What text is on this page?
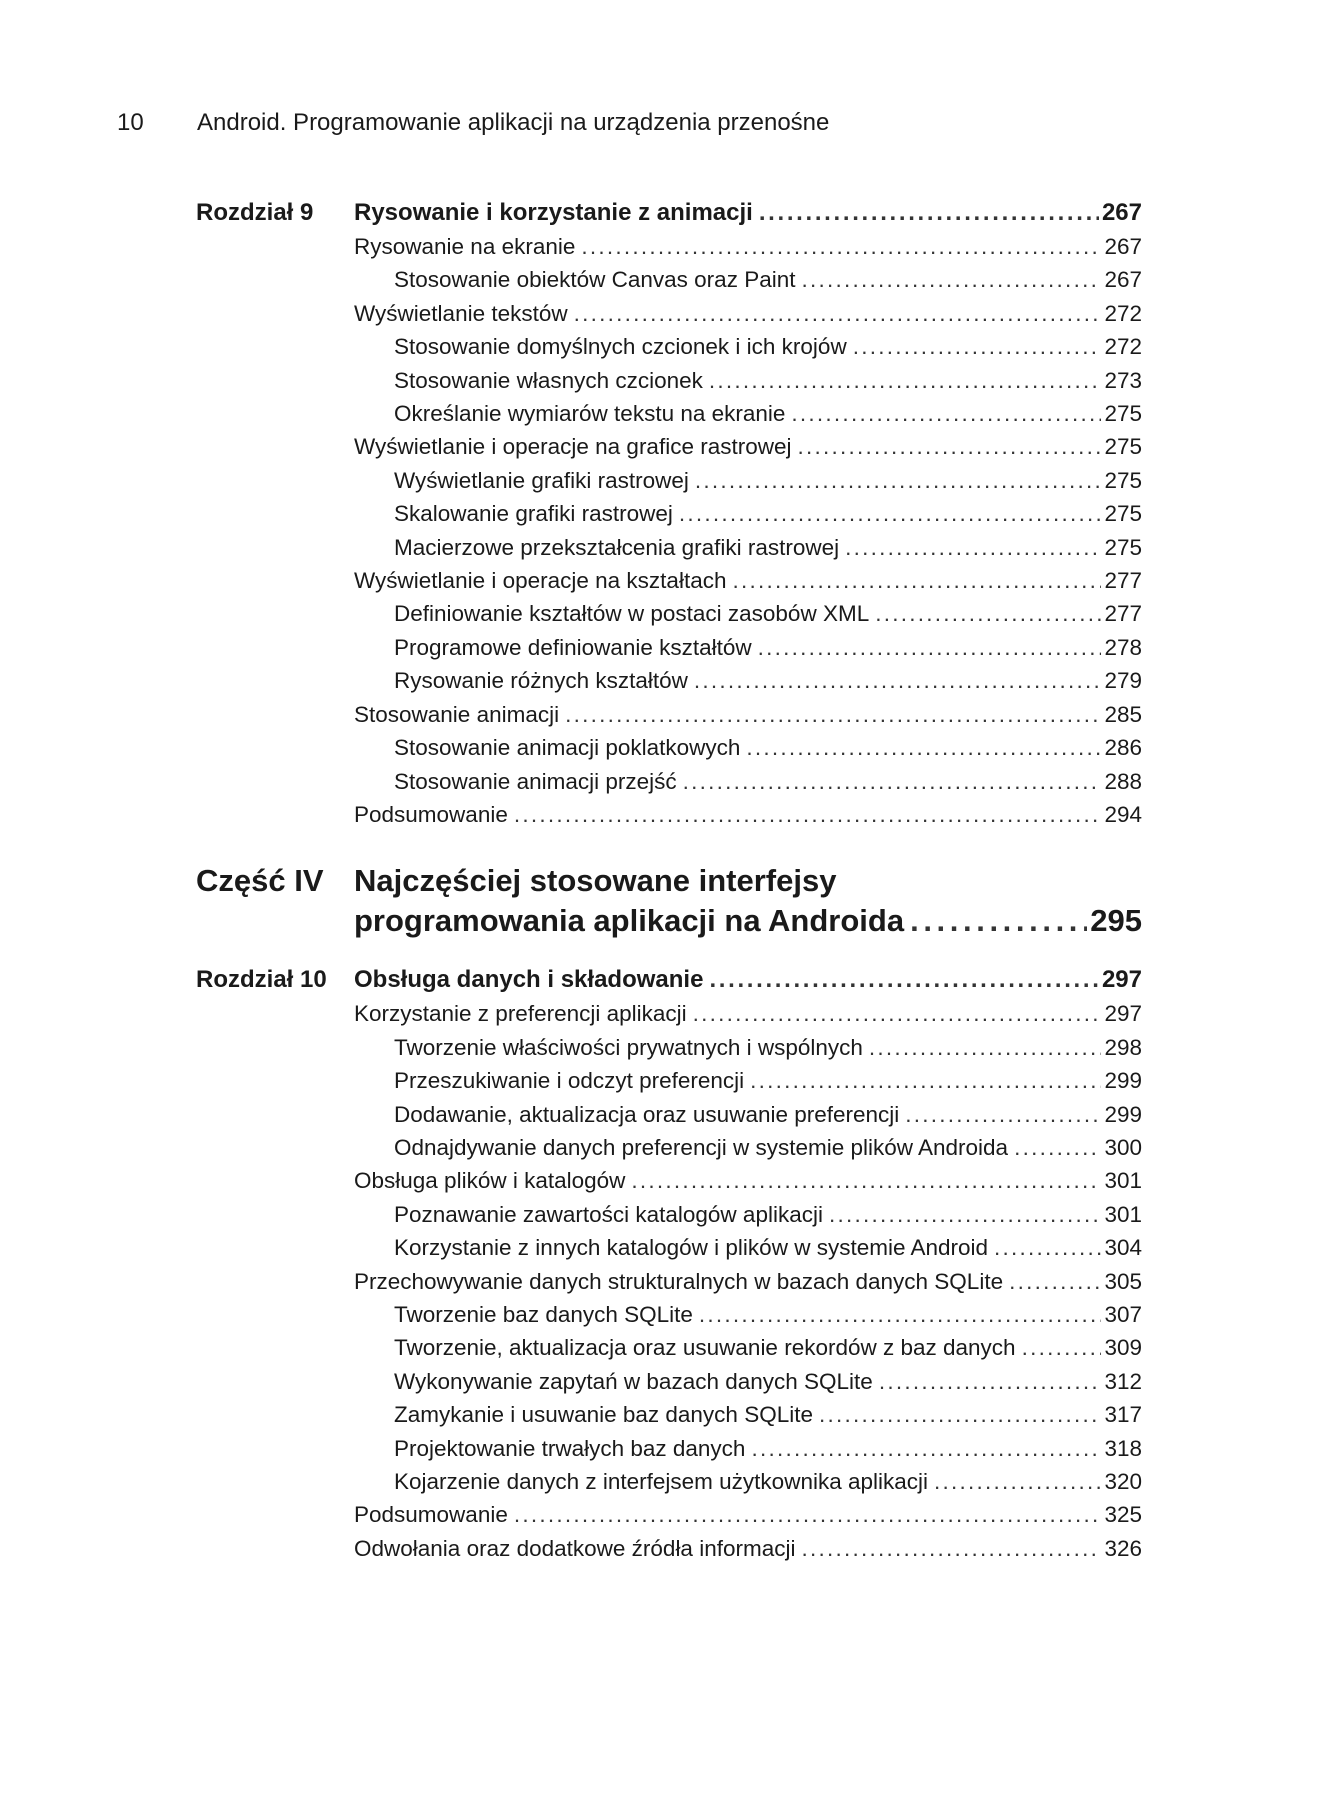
10 Android. Programowanie aplikacji na urządzenia przenośne
Rozdział 9	Rysowanie i korzystanie z animacji . . .	267
Rysowanie na ekranie . . .	267
Stosowanie obiektów Canvas oraz Paint . . .	267
Wyświetlanie tekstów . . .	272
Stosowanie domyślnych czcionek i ich krojów . . .	272
Stosowanie własnych czcionek . . .	273
Określanie wymiarów tekstu na ekranie . . .	275
Wyświetlanie i operacje na grafice rastrowej . . .	275
Wyświetlanie grafiki rastrowej . . .	275
Skalowanie grafiki rastrowej . . .	275
Macierzowe przekształcenia grafiki rastrowej . . .	275
Wyświetlanie i operacje na kształtach . . .	277
Definiowanie kształtów w postaci zasobów XML . . .	277
Programowe definiowanie kształtów . . .	278
Rysowanie różnych kształtów . . .	279
Stosowanie animacji . . .	285
Stosowanie animacji poklatkowych . . .	286
Stosowanie animacji przejść . . .	288
Podsumowanie . . .	294
Część IV Najczęściej stosowane interfejsy
programowania aplikacji na Androida . . .	295
Rozdział 10	Obsługa danych i składowanie . . .	297
Korzystanie z preferencji aplikacji . . .	297
Tworzenie właściwości prywatnych i wspólnych . . .	298
Przeszukiwanie i odczyt preferencji . . .	299
Dodawanie, aktualizacja oraz usuwanie preferencji . . .	299
Odnajdywanie danych preferencji w systemie plików Androida . . .	300
Obsługa plików i katalogów . . .	301
Poznawanie zawartości katalogów aplikacji . . .	301
Korzystanie z innych katalogów i plików w systemie Android . . .	304
Przechowywanie danych strukturalnych w bazach danych SQLite . . .	305
Tworzenie baz danych SQLite . . .	307
Tworzenie, aktualizacja oraz usuwanie rekordów z baz danych . . .	309
Wykonywanie zapytań w bazach danych SQLite . . .	312
Zamykanie i usuwanie baz danych SQLite . . .	317
Projektowanie trwałych baz danych . . .	318
Kojarzenie danych z interfejsem użytkownika aplikacji . . .	320
Podsumowanie . . .	325
Odwołania oraz dodatkowe źródła informacji . . .	326
